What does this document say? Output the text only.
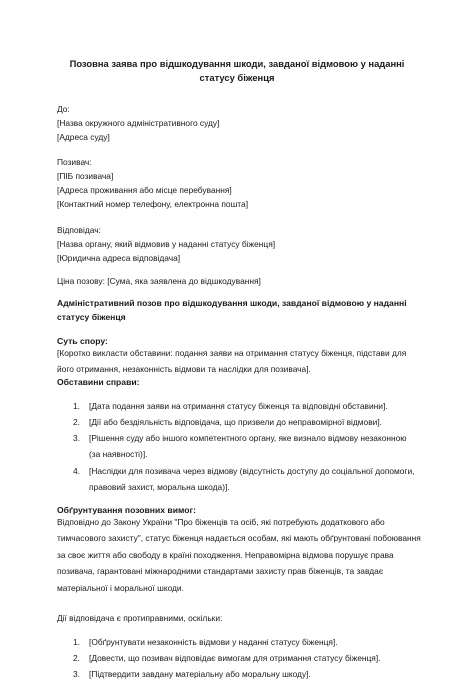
Позовна заява про відшкодування шкоди, завданої відмовою у наданні статусу біженця
До:
[Назва окружного адміністративного суду]
[Адреса суду]
Позивач:
[ПІБ позивача]
[Адреса проживання або місце перебування]
[Контактний номер телефону, електронна пошта]
Відповідач:
[Назва органу, який відмовив у наданні статусу біженця]
[Юридична адреса відповідача]
Ціна позову: [Сума, яка заявлена до відшкодування]
Адміністративний позов про відшкодування шкоди, завданої відмовою у наданні статусу біженця
Суть спору:
[Коротко викласти обставини: подання заяви на отримання статусу біженця, підстави для його отримання, незаконність відмови та наслідки для позивача].
Обставини справи:
1. [Дата подання заяви на отримання статусу біженця та відповідні обставини].
2. [Дії або бездіяльність відповідача, що призвели до неправомірної відмови].
3. [Рішення суду або іншого компетентного органу, яке визнало відмову незаконною (за наявності)].
4. [Наслідки для позивача через відмову (відсутність доступу до соціальної допомоги, правовий захист, моральна шкода)].
Обґрунтування позовних вимог:
Відповідно до Закону України "Про біженців та осіб, які потребують додаткового або тимчасового захисту", статус біженця надається особам, які мають обґрунтовані побоювання за своє життя або свободу в країні походження. Неправомірна відмова порушує права позивача, гарантовані міжнародними стандартами захисту прав біженців, та завдає матеріальної і моральної шкоди.
Дії відповідача є протиправними, оскільки:
1. [Обґрунтувати незаконність відмови у наданні статусу біженця].
2. [Довести, що позивач відповідає вимогам для отримання статусу біженця].
3. [Підтвердити завдану матеріальну або моральну шкоду].
